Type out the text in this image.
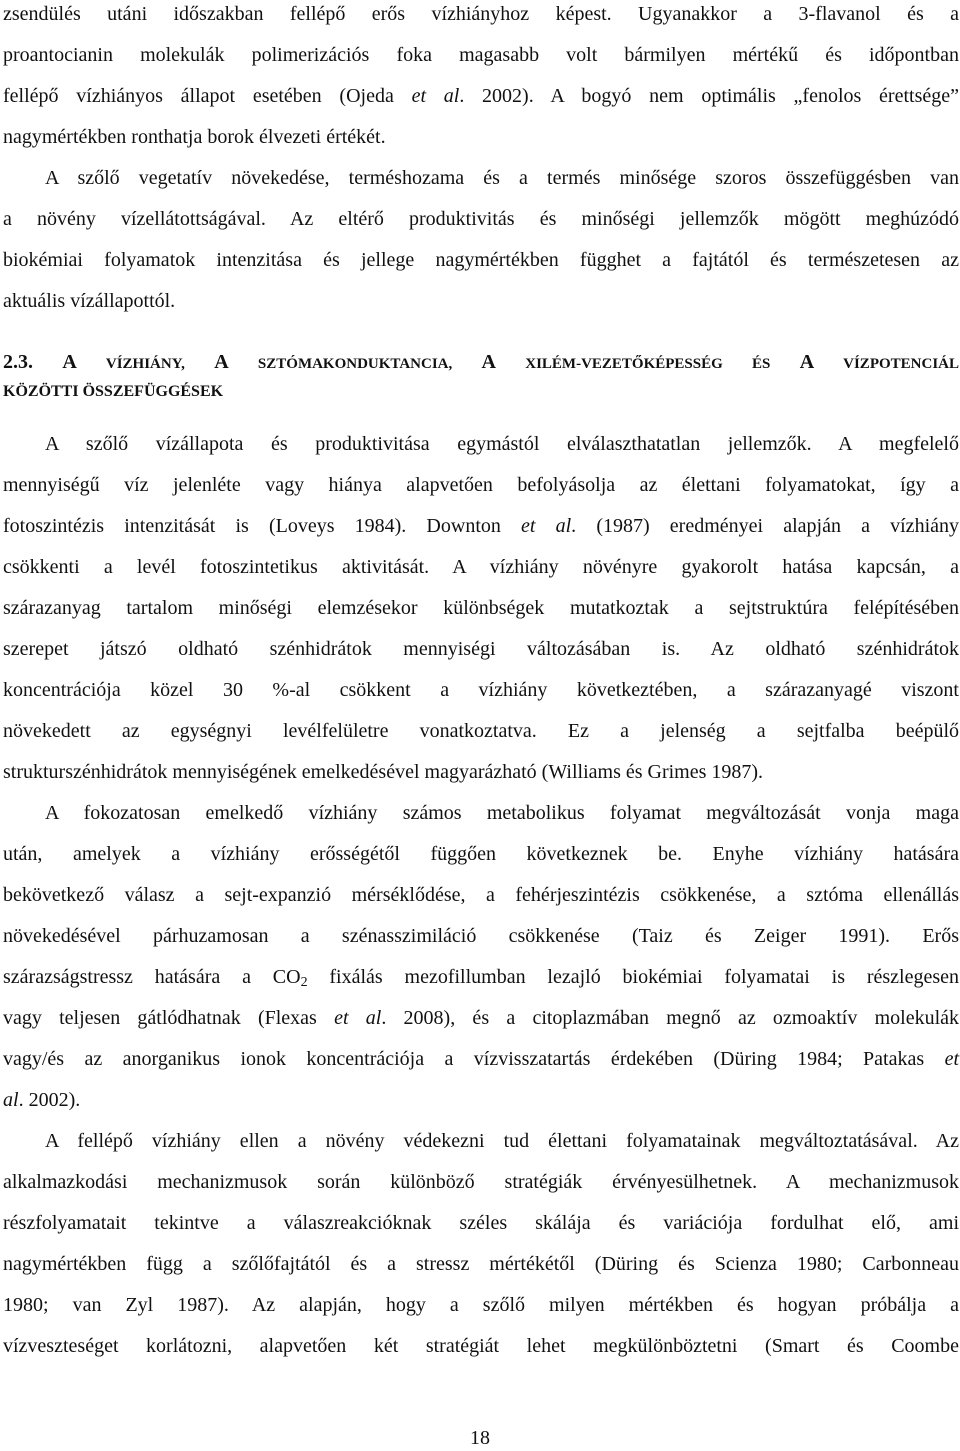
zsendülés utáni időszakban fellépő erős vízhiányhoz képest. Ugyanakkor a 3-flavanol és a
proantocianin molekulák polimerizációs foka magasabb volt bármilyen mértékű és időpontban
fellépő vízhiányos állapot esetében (Ojeda et al. 2002). A bogyó nem optimális „fenolos érettsége”
nagymértékben ronthatja borok élvezeti értékét.
A szőlő vegetatív növekedése, terméshozama és a termés minősége szoros összefüggésben van
a növény vízellátottságával. Az eltérő produktivitás és minőségi jellemzők mögött meghúzódó
biokémiai folyamatok intenzitása és jellege nagymértékben függhet a fajtától és természetesen az
aktuális vízállapottól.
2.3. A VÍZHIÁNY, A SZTÓMAKONDUKTANCIA, A XILÉM-VEZETŐKÉPESSÉG ÉS A VÍZPOTENCIÁL
KÖZÖTTI ÖSSZEFÜGGÉSEK
A szőlő vízállapota és produktivitása egymástól elválaszthatatlan jellemzők. A megfelelő
mennyiségű víz jelenléte vagy hiánya alapvetően befolyásolja az élettani folyamatokat, így a
fotoszintézis intenzitását is (Loveys 1984). Downton et al. (1987) eredményei alapján a vízhiány
csökkenti a levél fotoszintetikus aktivitását. A vízhiány növényre gyakorolt hatása kapcsán, a
szárazanyag tartalom minőségi elemzésekor különbségek mutatkoztak a sejtstruktúra felépítésében
szerepet játszó oldható szénhidrátok mennyiségi változásában is. Az oldható szénhidrátok
koncentrációja közel 30 %-al csökkent a vízhiány következtében, a szárazanyagé viszont
növekedett az egységnyi levélfelületre vonatkoztatva. Ez a jelenség a sejtfalba beépülő
strukturszénhidrátok mennyiségének emelkedésével magyarázható (Williams és Grimes 1987).
A fokozatosan emelkedő vízhiány számos metabolikus folyamat megváltozását vonja maga
után, amelyek a vízhiány erősségétől függően következnek be. Enyhe vízhiány hatására
bekövetkező válasz a sejt-expanzió mérséklődése, a fehérjeszintézis csökkenése, a sztóma ellenállás
növekedésével párhuzamosan a szénasszimiláció csökkenése (Taiz és Zeiger 1991). Erős
szárazságstressz hatására a $CO_2$ fixálás mezofillumban lezajló biokémiai folyamatai is részlegesen
vagy teljesen gátlódhatnak (Flexas et al. 2008), és a citoplazmában megnő az ozmoaktív molekulák
vagy/és az anorganikus ionok koncentrációja a vízvisszatartás érdekében (Düring 1984; Patakas et
al. 2002).
A fellépő vízhiány ellen a növény védekezni tud élettani folyamatainak megváltoztatásával. Az
alkalmazkodási mechanizmusok során különböző stratégiák érvényesülhetnek. A mechanizmusok
részfolyamatait tekintve a válaszreakcióknak széles skálája és variációja fordulhat elő, ami
nagymértékben függ a szőlőfajtától és a stressz mértékétől (Düring és Scienza 1980; Carbonneau
1980; van Zyl 1987). Az alapján, hogy a szőlő milyen mértékben és hogyan próbálja a
vízveszteséget korlátozni, alapvetően két stratégiát lehet megkülönböztetni (Smart és Coombe
18
